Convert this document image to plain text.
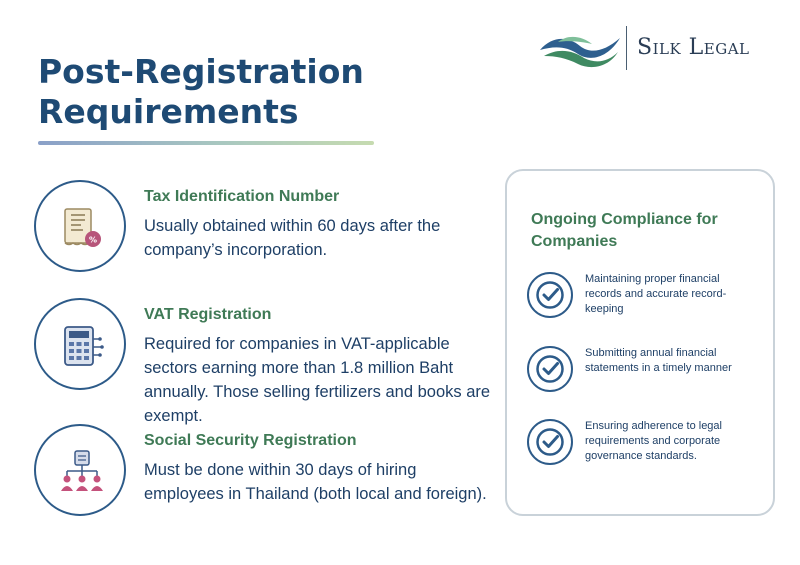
Post-Registration Requirements
Silk Legal
%
Tax Identification Number
Usually obtained within 60 days after the company’s incorporation.
VAT Registration
Required for companies in VAT-applicable sectors earning more than 1.8 million Baht annually. Those selling fertilizers and books are exempt.
Social Security Registration
Must be done within 30 days of hiring employees in Thailand (both local and foreign).
Ongoing Compliance for Companies
Maintaining proper financial records and accurate record-keeping
Submitting annual financial statements in a timely manner
Ensuring adherence to legal requirements and corporate governance standards.
